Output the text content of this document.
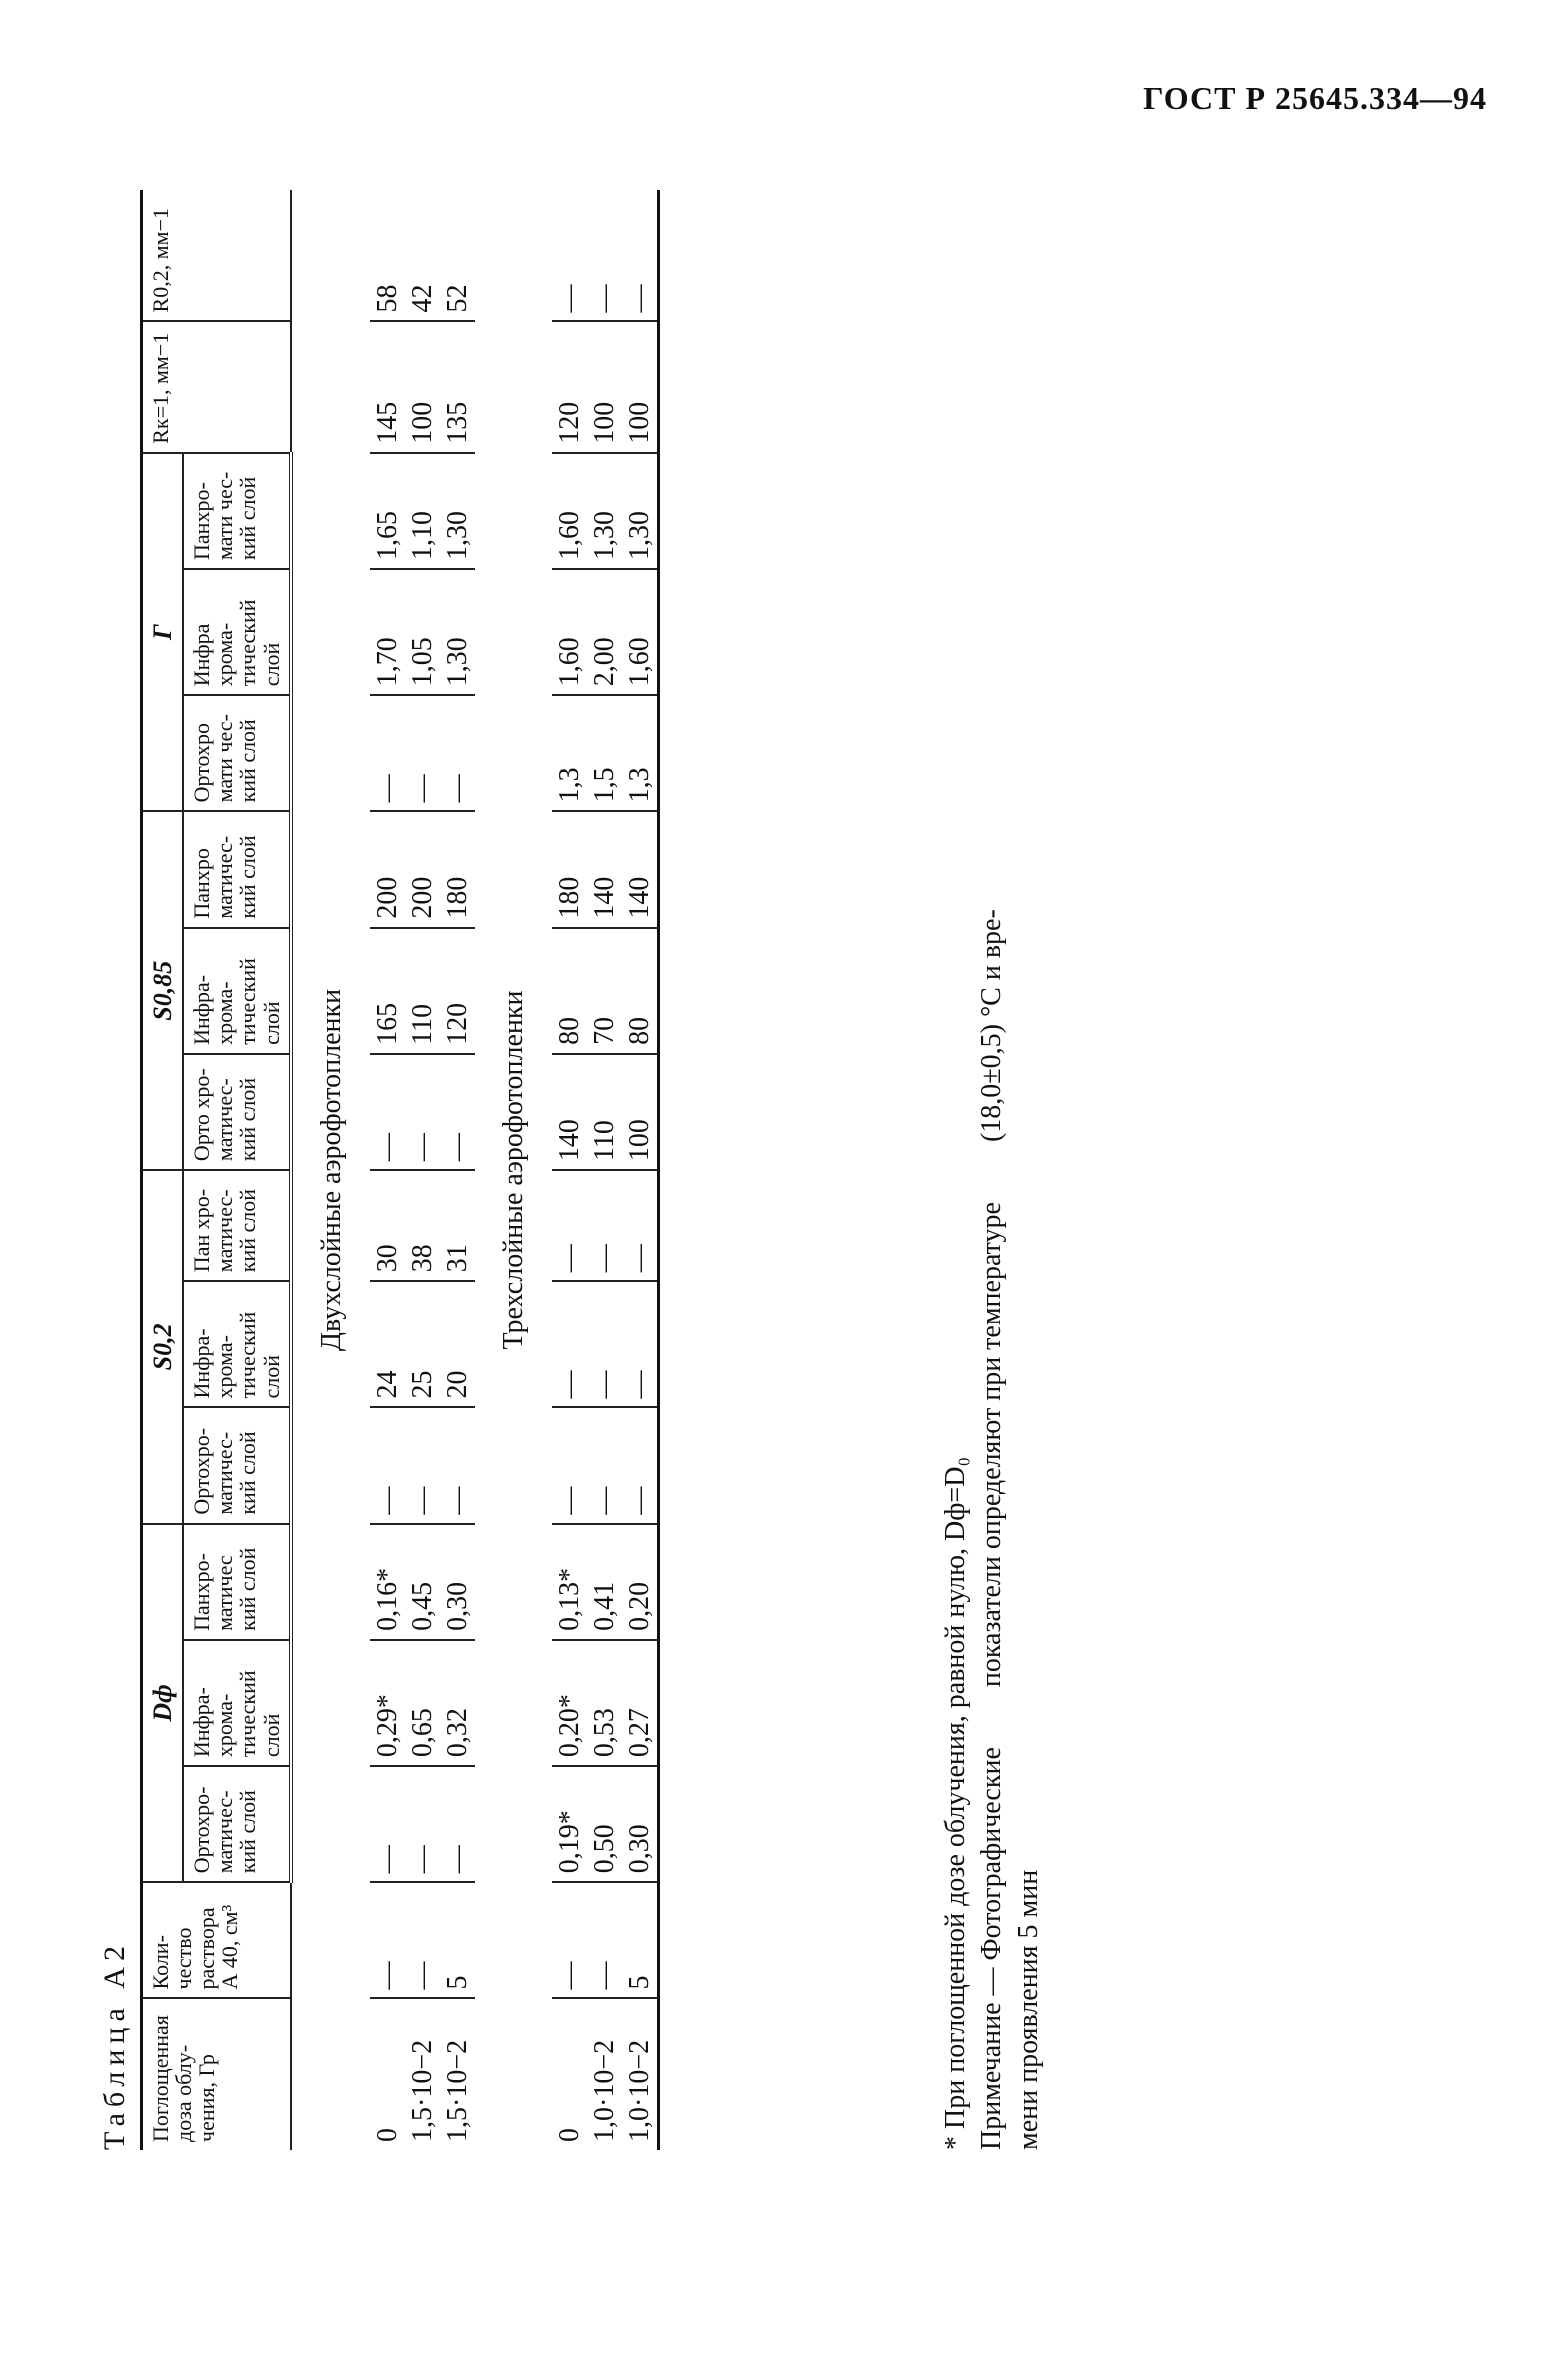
ГОСТ Р 25645.334—94
Таблица А2 Поглощенная доза облучения, Гр	Количество раствора А 40, см³	Dф			S0,2			S0,85			Γ			Rк=1, мм−1	R0,2, мм−1
		Ортохроматический слой	Инфрахроматический слой	Панхроматичес кий слой	Ортохроматический слой	Инфрахроматический слой	Пан хроматический слой	Орто хроматический слой	Инфрахроматический слой	Панхро матический слой	Ортохро мати ческий слой	Инфра хроматический слой	Панхромати ческий слой		
Двухслойные аэрофотопленки															
0	—	—	0,29*	0,16*	—	24	30	—	165	200	—	1,70	1,65	145	58
1,5·10−2	—	—	0,65	0,45	—	25	38	—	110	200	—	1,05	1,10	100	42
1,5·10−2	5	—	0,32	0,30	—	20	31	—	120	180	—	1,30	1,30	135	52
Трехслойные аэрофотопленки															
0	—	0,19*	0,20*	0,13*	—	—	—	140	80	180	1,3	1,60	1,60	120	—
1,0·10−2	—	0,50	0,53	0,41	—	—	—	110	70	140	1,5	2,00	1,30	100	—
1,0·10−2	5	0,30	0,27	0,20	—	—	—	100	80	140	1,3	1,60	1,30	100	—
* При поглощенной дозе облучения, равной нулю, Dф=D₀ Примечание — Фотографическиепоказатели определяют при температуре(18,0±0,5) °С и вре-
мени проявления 5 мин
